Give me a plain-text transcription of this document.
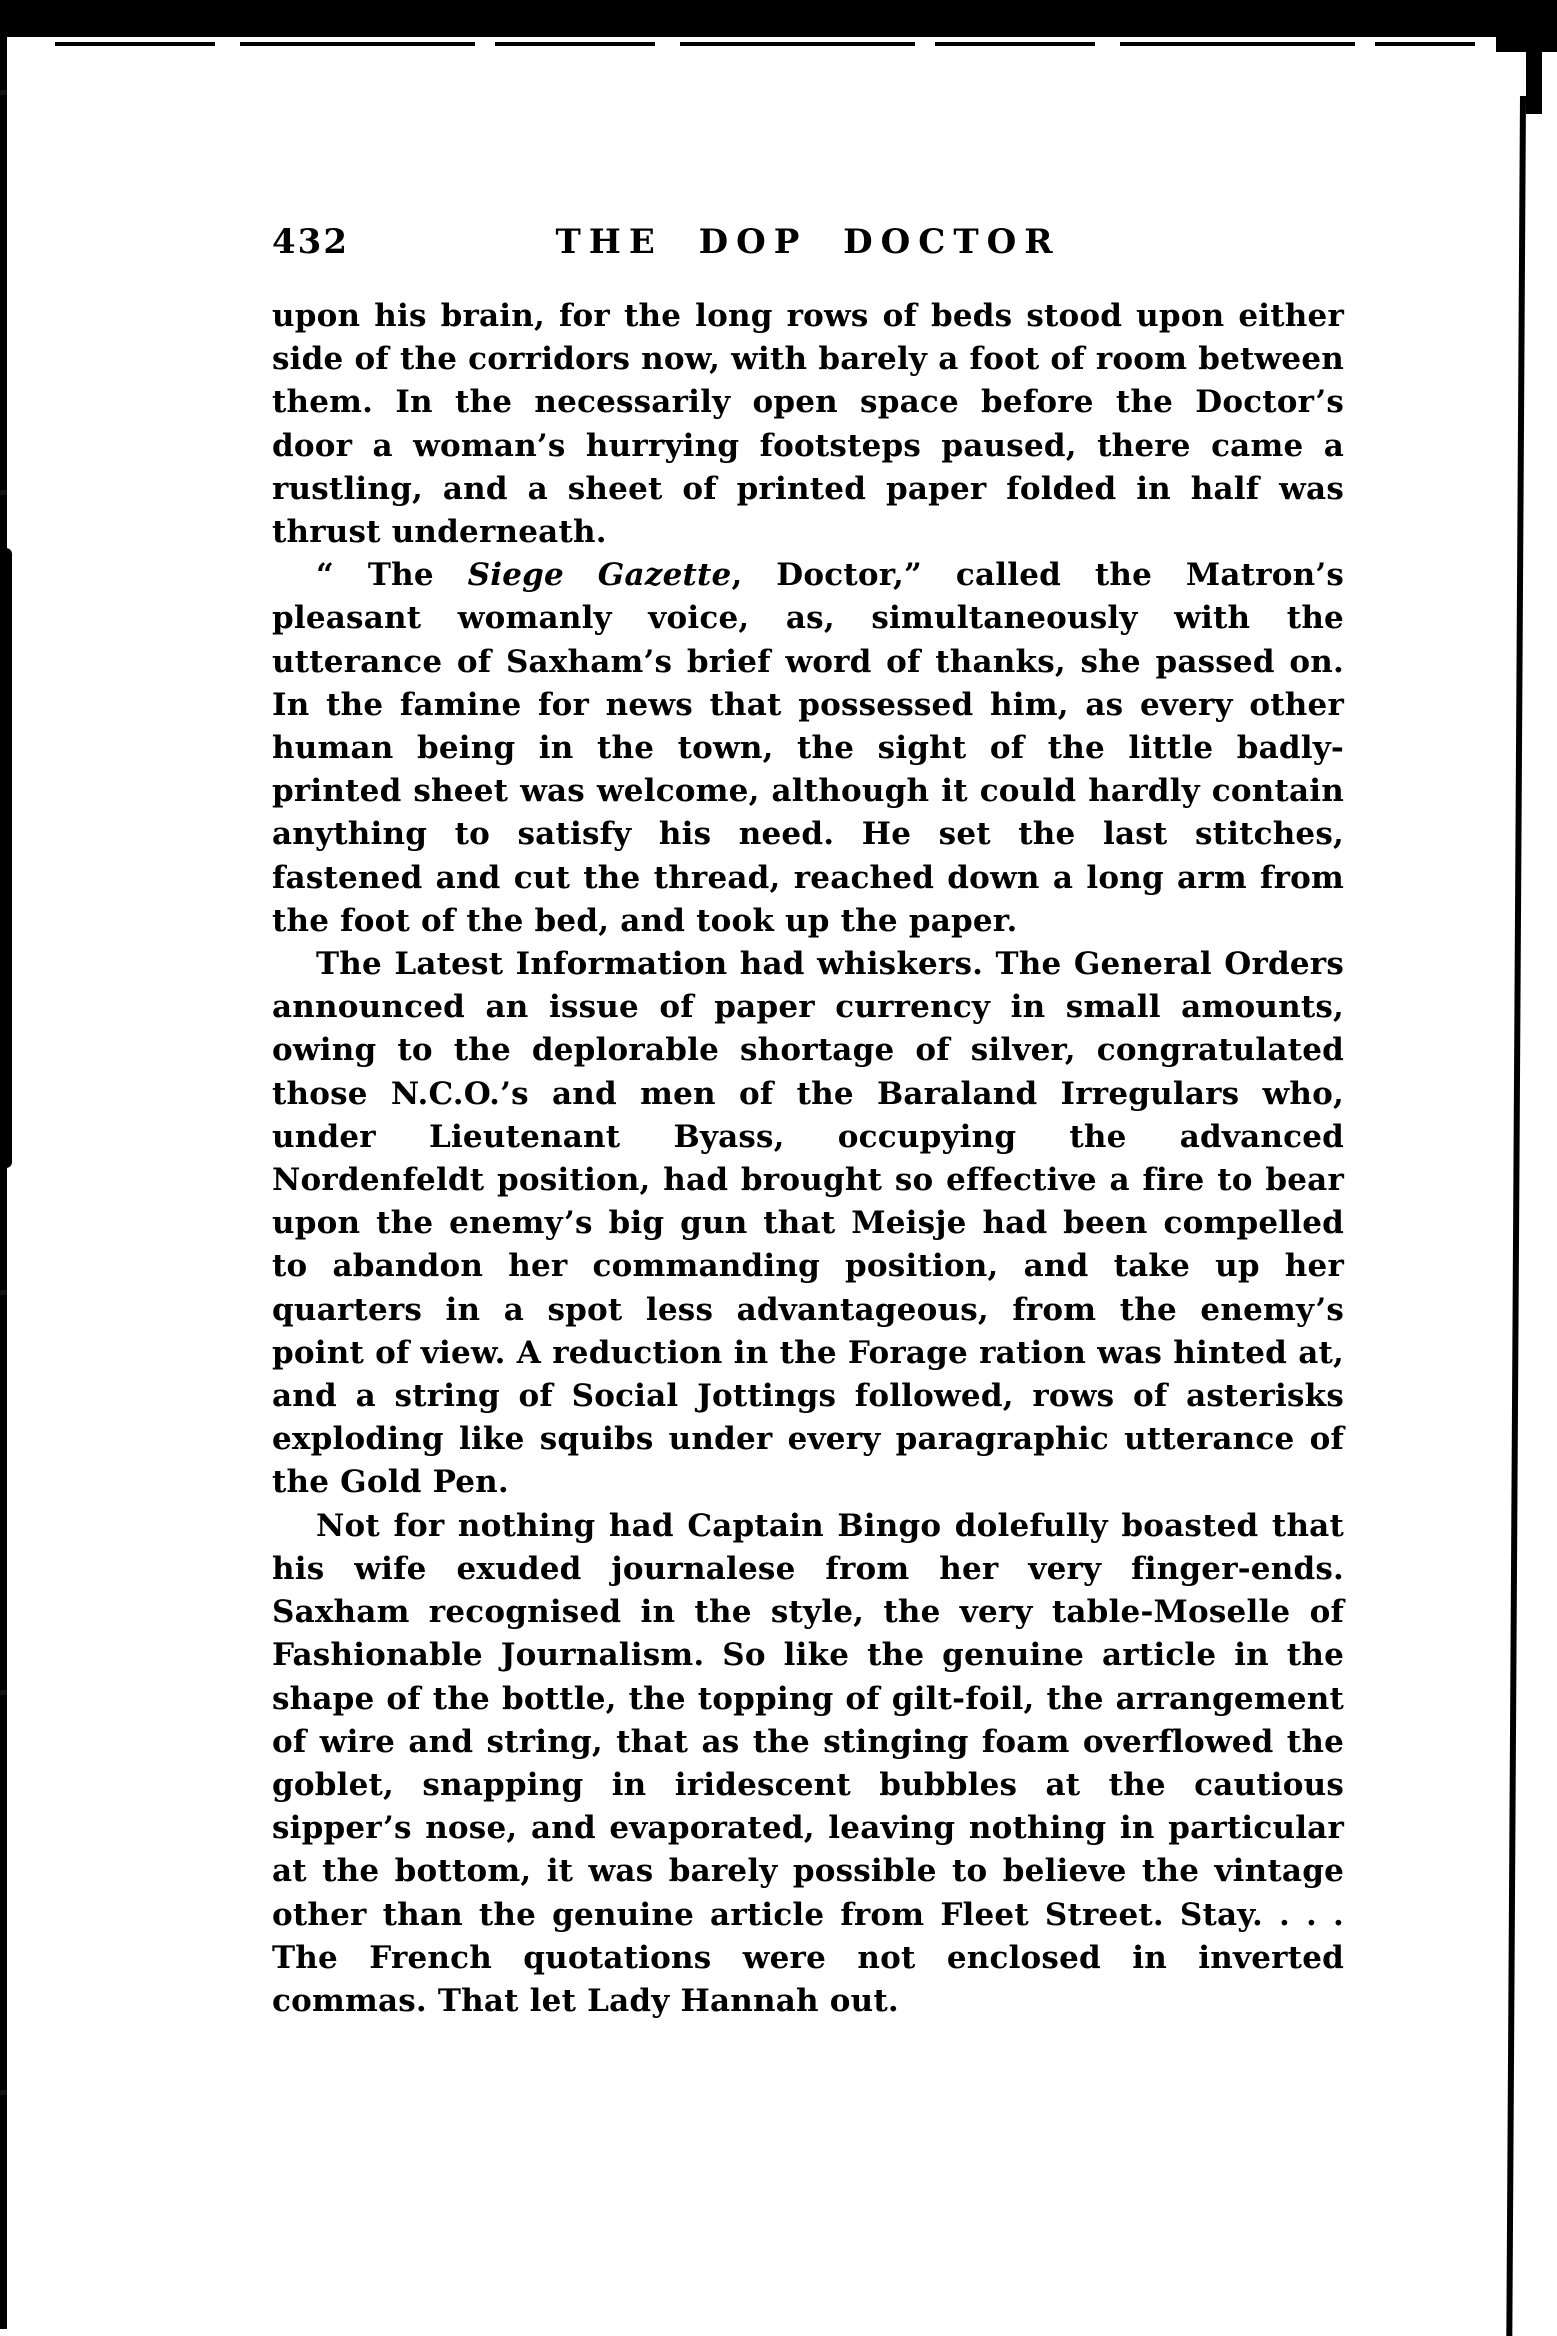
432	THE DOP DOCTOR

upon his brain, for the long rows of beds stood upon either side of the corridors now, with barely a foot of room between them. In the necessarily open space before the Doctor’s door a woman’s hurrying footsteps paused, there came a rustling, and a sheet of printed paper folded in half was thrust underneath.

“ The Siege Gazette, Doctor,” called the Matron’s pleasant womanly voice, as, simultaneously with the utterance of Saxham’s brief word of thanks, she passed on. In the famine for news that possessed him, as every other human being in the town, the sight of the little badly-printed sheet was welcome, although it could hardly contain anything to satisfy his need. He set the last stitches, fastened and cut the thread, reached down a long arm from the foot of the bed, and took up the paper.

The Latest Information had whiskers. The General Orders announced an issue of paper currency in small amounts, owing to the deplorable shortage of silver, congratulated those N.C.O.’s and men of the Baraland Irregulars who, under Lieutenant Byass, occupying the advanced Nordenfeldt position, had brought so effective a fire to bear upon the enemy’s big gun that Meisje had been compelled to abandon her commanding position, and take up her quarters in a spot less advantageous, from the enemy’s point of view. A reduction in the Forage ration was hinted at, and a string of Social Jottings followed, rows of asterisks exploding like squibs under every paragraphic utterance of the Gold Pen.

Not for nothing had Captain Bingo dolefully boasted that his wife exuded journalese from her very finger-ends. Saxham recognised in the style, the very table-Moselle of Fashionable Journalism. So like the genuine article in the shape of the bottle, the topping of gilt-foil, the arrangement of wire and string, that as the stinging foam overflowed the goblet, snapping in iridescent bubbles at the cautious sipper’s nose, and evaporated, leaving nothing in particular at the bottom, it was barely possible to believe the vintage other than the genuine article from Fleet Street. Stay. . . . The French quotations were not enclosed in inverted commas. That let Lady Hannah out.
